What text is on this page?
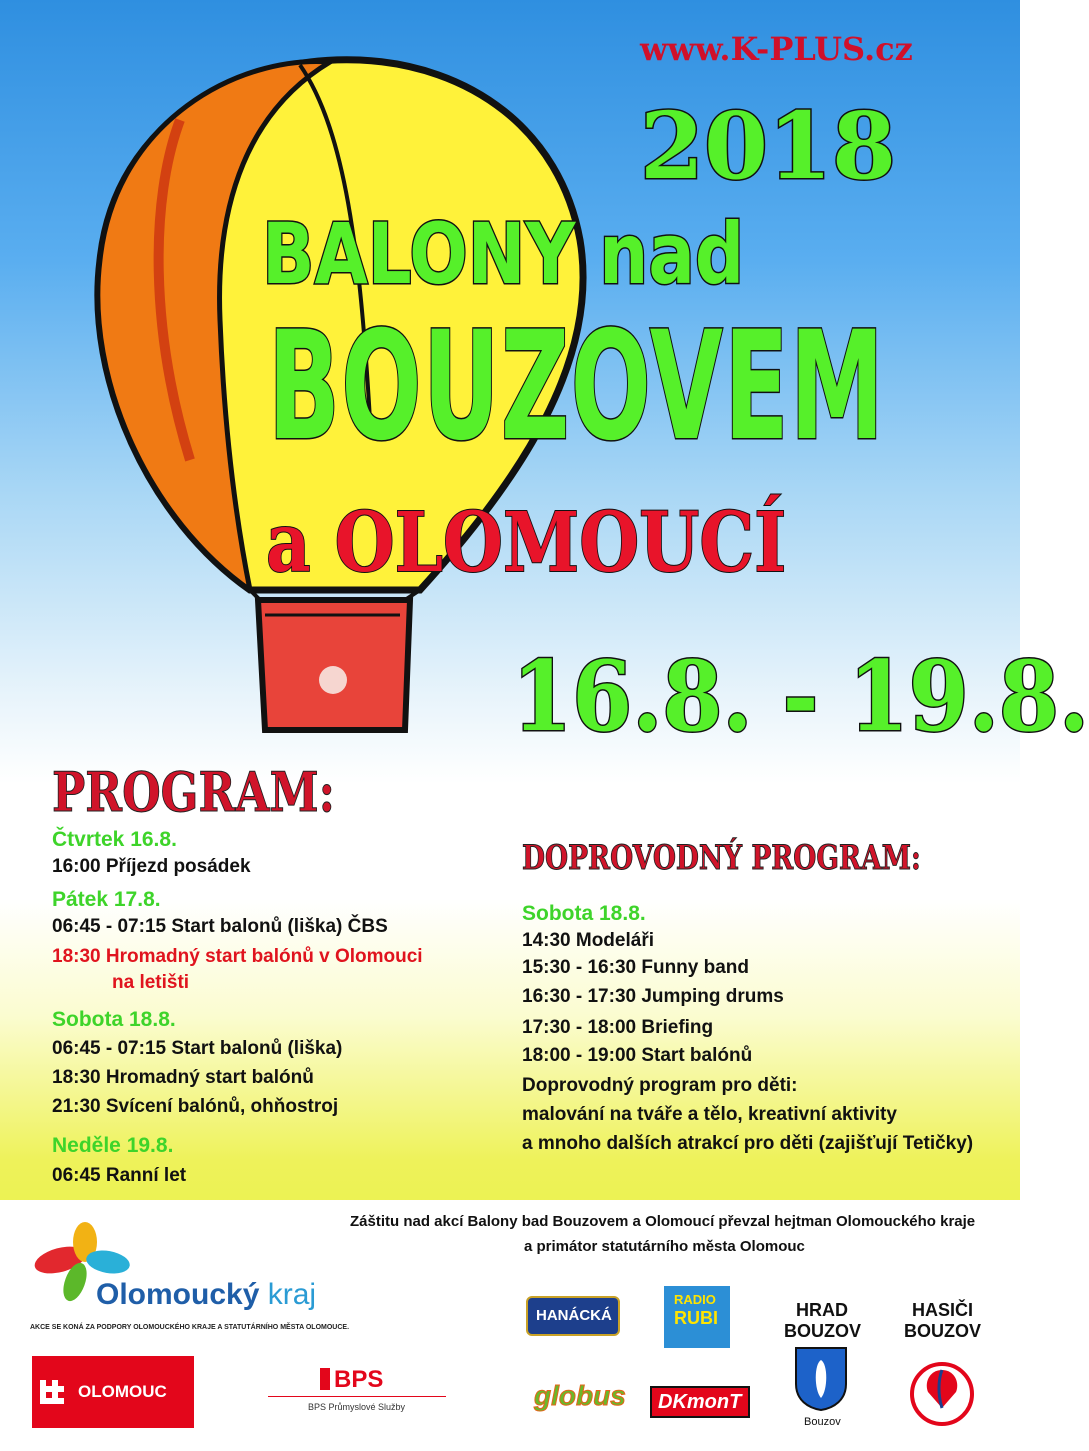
www.K-PLUS.cz
2018
BALONY nad
BOUZOVEM
a OLOMOUCÍ
16.8. - 19.8.
PROGRAM:
Čtvrtek 16.8.
16:00 Příjezd posádek
Pátek 17.8.
06:45 - 07:15 Start balonů (liška) ČBS
18:30 Hromadný start balónů v Olomouci
na letišti
Sobota 18.8.
06:45 - 07:15 Start balonů (liška)
18:30 Hromadný start balónů
21:30 Svícení balónů, ohňostroj
Neděle 19.8.
06:45 Ranní let
DOPROVODNÝ PROGRAM:
Sobota 18.8.
14:30 Modeláři
15:30 - 16:30 Funny band
16:30 - 17:30 Jumping drums
17:30 - 18:00 Briefing
18:00 - 19:00 Start balónů
Doprovodný program pro děti:
malování na tváře a tělo, kreativní aktivity
a mnoho dalších atrakcí pro děti (zajišťují Tetičky)
Záštitu nad akcí Balony bad Bouzovem a Olomoucí převzal hejtman Olomouckého kraje
a primátor statutárního města Olomouc
Olomoucký kraj
AKCE SE KONÁ ZA PODPORY OLOMOUCKÉHO KRAJE A STATUTÁRNÍHO MĚSTA OLOMOUCE.
OLOMOUC	BPS
BPS Průmyslové Služby
HANÁCKÁ
RADIO
RUBI	HRAD
BOUZOV
HASIČI
BOUZOV
globus DKmonT
Bouzov
